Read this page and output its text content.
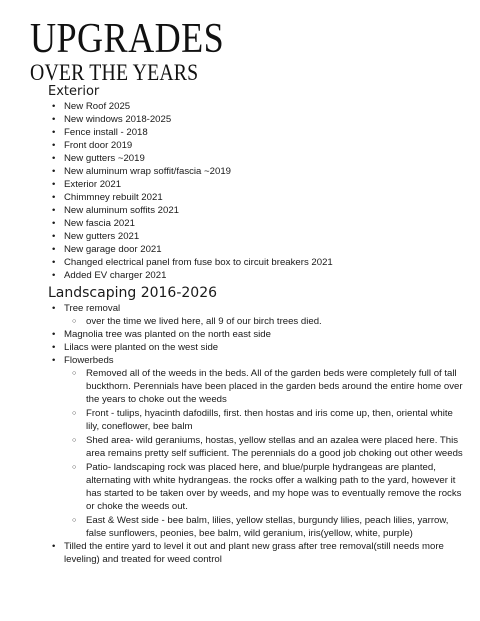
UPGRADES
OVER THE YEARS
Exterior
• New Roof 2025
• New windows 2018-2025
• Fence install - 2018
• Front door 2019
• New gutters ~2019
• New aluminum wrap soffit/fascia ~2019
• Exterior 2021
• Chimmney rebuilt 2021
• New aluminum soffits 2021
• New fascia 2021
• New gutters 2021
• New garage door 2021
• Changed electrical panel from fuse box to circuit breakers 2021
• Added EV charger 2021
Landscaping 2016-2026
• Tree removal
○ over the time we lived here, all 9 of our birch trees died.
• Magnolia tree was planted on the north east side
• Lilacs were planted on the west side
• Flowerbeds
○ Removed all of the weeds in the beds. All of the garden beds were completely full of tall buckthorn. Perennials have been placed in the garden beds around the entire home over the years to choke out the weeds
○ Front - tulips, hyacinth dafodills, first. then hostas and iris come up, then, oriental white lily, coneflower, bee balm
○ Shed area- wild geraniums, hostas, yellow stellas and an azalea were placed here. This area remains pretty self sufficient. The perennials do a good job choking out other weeds
○ Patio- landscaping rock was placed here, and blue/purple hydrangeas are planted, alternating with white hydrangeas. the rocks offer a walking path to the yard, however it has started to be taken over by weeds, and my hope was to eventually remove the rocks or choke the weeds out.
○ East & West side - bee balm, lilies, yellow stellas, burgundy lilies, peach lilies, yarrow, false sunflowers, peonies, bee balm, wild geranium, iris(yellow, white, purple)
• Tilled the entire yard to level it out and plant new grass after tree removal(still needs more leveling) and treated for weed control
